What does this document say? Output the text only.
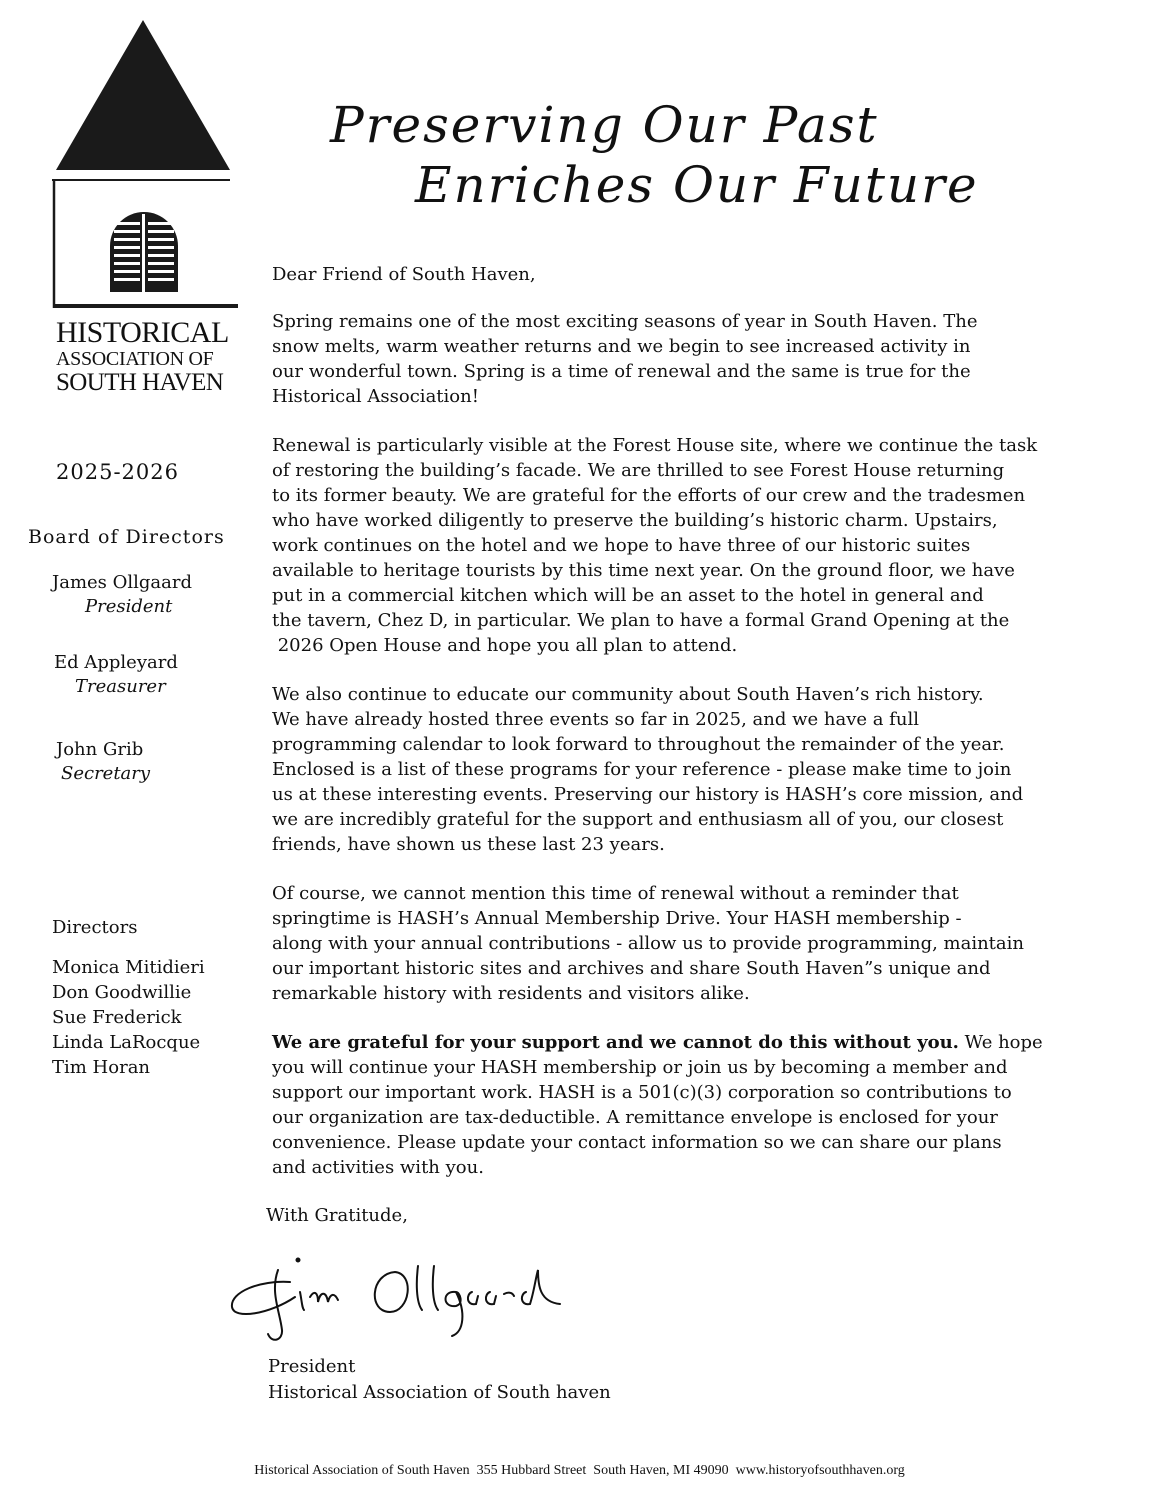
HISTORICAL
ASSOCIATION OF
SOUTH HAVEN
Preserving Our Past
Enriches Our Future
2025-2026
Board of Directors
James Ollgaard
President
Ed Appleyard
Treasurer
John Grib
Secretary
Directors
Monica Mitidieri
Don Goodwillie
Sue Frederick
Linda LaRocque
Tim Horan

Dear Friend of South Haven,

Spring remains one of the most exciting seasons of year in South Haven. The
snow melts, warm weather returns and we begin to see increased activity in
our wonderful town. Spring is a time of renewal and the same is true for the
Historical Association!

Renewal is particularly visible at the Forest House site, where we continue the task
of restoring the building’s facade. We are thrilled to see Forest House returning
to its former beauty. We are grateful for the efforts of our crew and the tradesmen
who have worked diligently to preserve the building’s historic charm. Upstairs,
work continues on the hotel and we hope to have three of our historic suites
available to heritage tourists by this time next year. On the ground floor, we have
put in a commercial kitchen which will be an asset to the hotel in general and
the tavern, Chez D, in particular. We plan to have a formal Grand Opening at the
2026 Open House and hope you all plan to attend.

We also continue to educate our community about South Haven’s rich history.
We have already hosted three events so far in 2025, and we have a full
programming calendar to look forward to throughout the remainder of the year.
Enclosed is a list of these programs for your reference - please make time to join
us at these interesting events. Preserving our history is HASH’s core mission, and
we are incredibly grateful for the support and enthusiasm all of you, our closest
friends, have shown us these last 23 years.

Of course, we cannot mention this time of renewal without a reminder that
springtime is HASH’s Annual Membership Drive. Your HASH membership -
along with your annual contributions - allow us to provide programming, maintain
our important historic sites and archives and share South Haven”s unique and
remarkable history with residents and visitors alike.

We are grateful for your support and we cannot do this without you. We hope
you will continue your HASH membership or join us by becoming a member and
support our important work. HASH is a 501(c)(3) corporation so contributions to
our organization are tax-deductible. A remittance envelope is enclosed for your
convenience. Please update your contact information so we can share our plans
and activities with you.

With Gratitude,
President
Historical Association of South haven
Historical Association of South Haven 355 Hubbard Street  South Haven, MI 49090 www.historyofsouthhaven.org
